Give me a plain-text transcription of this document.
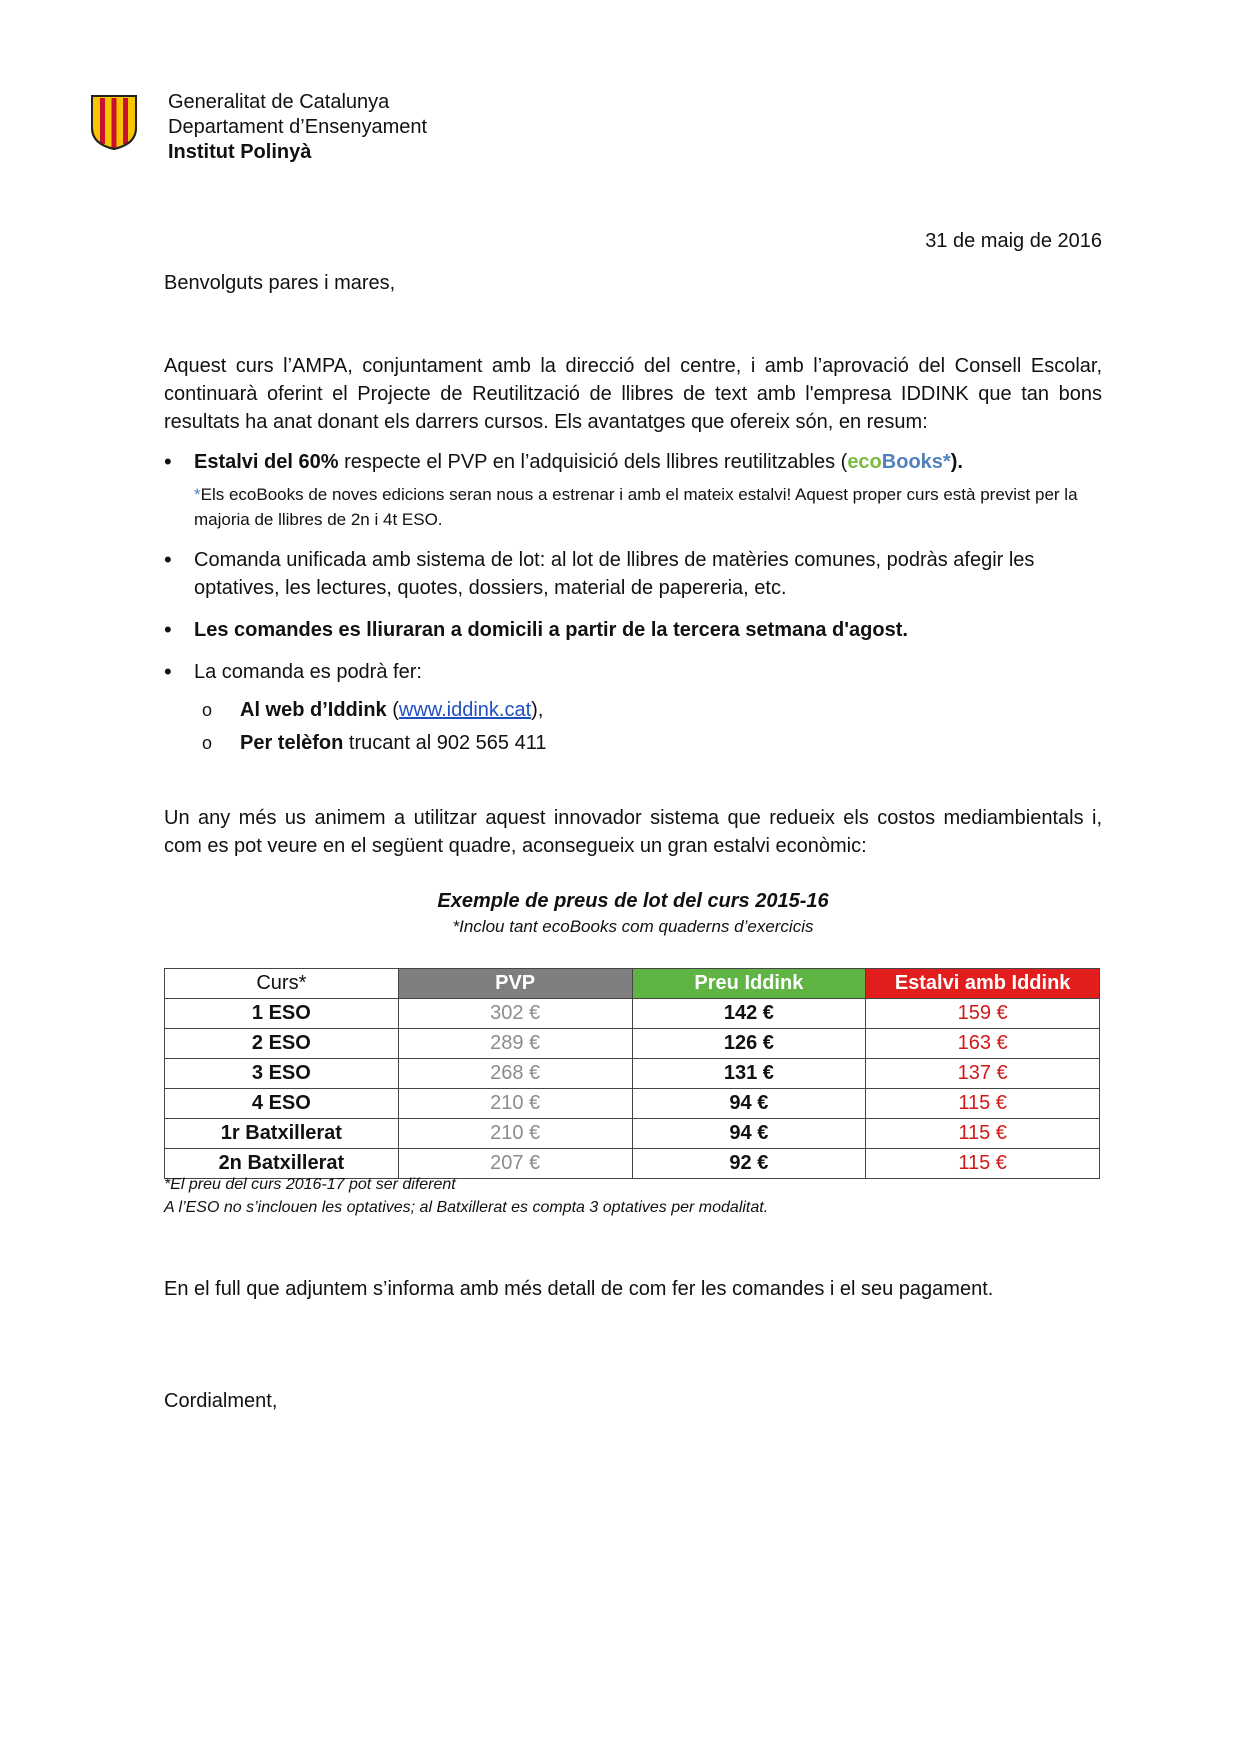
Generalitat de Catalunya
Departament d’Ensenyament
Institut Polinyà
31 de maig de 2016
Benvolguts pares i mares,
Aquest curs l’AMPA, conjuntament amb la direcció del centre, i amb l’aprovació del Consell Escolar, continuarà oferint el Projecte de Reutilització de llibres de text amb l'empresa IDDINK que tan bons resultats ha anat donant els darrers cursos. Els avantatges que ofereix són, en resum:
• Estalvi del 60% respecte el PVP en l’adquisició dels llibres reutilitzables (ecoBooks*).
*Els ecoBooks de noves edicions seran nous a estrenar i amb el mateix estalvi! Aquest proper curs està previst per la majoria de llibres de 2n i 4t ESO.
• Comanda unificada amb sistema de lot: al lot de llibres de matèries comunes, podràs afegir les optatives, les lectures, quotes, dossiers, material de papereria, etc.
• Les comandes es lliuraran a domicili a partir de la tercera setmana d'agost.
• La comanda es podrà fer:
o Al web d’Iddink (www.iddink.cat),
o Per telèfon trucant al 902 565 411
Un any més us animem a utilitzar aquest innovador sistema que redueix els costos mediambientals i, com es pot veure en el següent quadre, aconsegueix un gran estalvi econòmic:
Exemple de preus de lot del curs 2015-16
*Inclou tant ecoBooks com quaderns d’exercicis
Curs*	PVP	Preu Iddink	Estalvi amb Iddink
1 ESO	302 €	142 €	159 €
2 ESO	289 €	126 €	163 €
3 ESO	268 €	131 €	137 €
4 ESO	210 €	94 €	115 €
1r Batxillerat	210 €	94 €	115 €
2n Batxillerat	207 €	92 €	115 €
*El preu del curs 2016-17 pot ser diferent
A l’ESO no s’inclouen les optatives; al Batxillerat es compta 3 optatives per modalitat.
En el full que adjuntem s’informa amb més detall de com fer les comandes i el seu pagament.
Cordialment,
